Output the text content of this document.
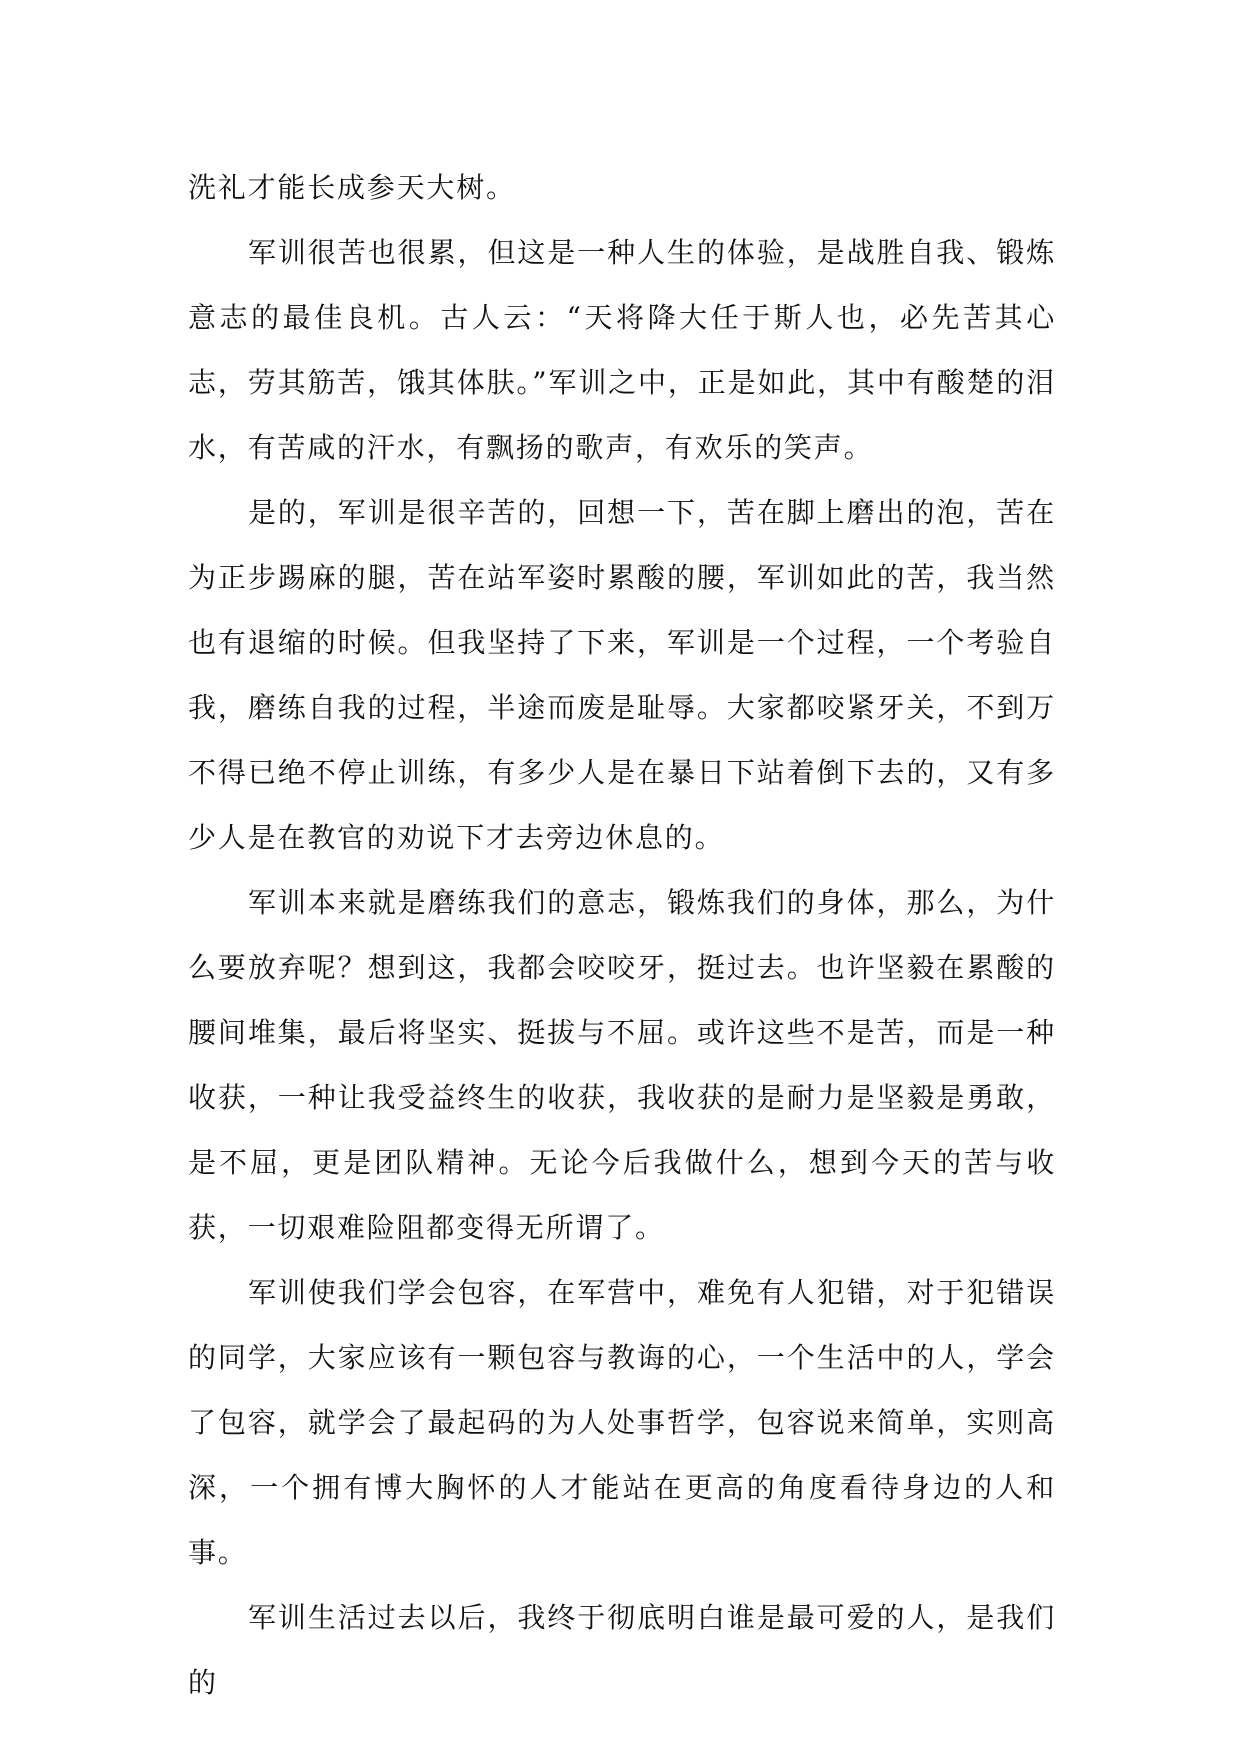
洗礼才能长成参天大树。

军训很苦也很累，但这是一种人生的体验，是战胜自我、锻炼意志的最佳良机。古人云：“天将降大任于斯人也，必先苦其心志，劳其筋苦，饿其体肤。”军训之中，正是如此，其中有酸楚的泪水，有苦咸的汗水，有飘扬的歌声，有欢乐的笑声。

是的，军训是很辛苦的，回想一下，苦在脚上磨出的泡，苦在为正步踢麻的腿，苦在站军姿时累酸的腰，军训如此的苦，我当然也有退缩的时候。但我坚持了下来，军训是一个过程，一个考验自我，磨练自我的过程，半途而废是耻辱。大家都咬紧牙关，不到万不得已绝不停止训练，有多少人是在暴日下站着倒下去的，又有多少人是在教官的劝说下才去旁边休息的。

军训本来就是磨练我们的意志，锻炼我们的身体，那么，为什么要放弃呢？想到这，我都会咬咬牙，挺过去。也许坚毅在累酸的腰间堆集，最后将坚实、挺拔与不屈。或许这些不是苦，而是一种收获，一种让我受益终生的收获，我收获的是耐力是坚毅是勇敢，是不屈，更是团队精神。无论今后我做什么，想到今天的苦与收获，一切艰难险阻都变得无所谓了。

军训使我们学会包容，在军营中，难免有人犯错，对于犯错误的同学，大家应该有一颗包容与教诲的心，一个生活中的人，学会了包容，就学会了最起码的为人处事哲学，包容说来简单，实则高深，一个拥有博大胸怀的人才能站在更高的角度看待身边的人和事。

军训生活过去以后，我终于彻底明白谁是最可爱的人，是我们的
